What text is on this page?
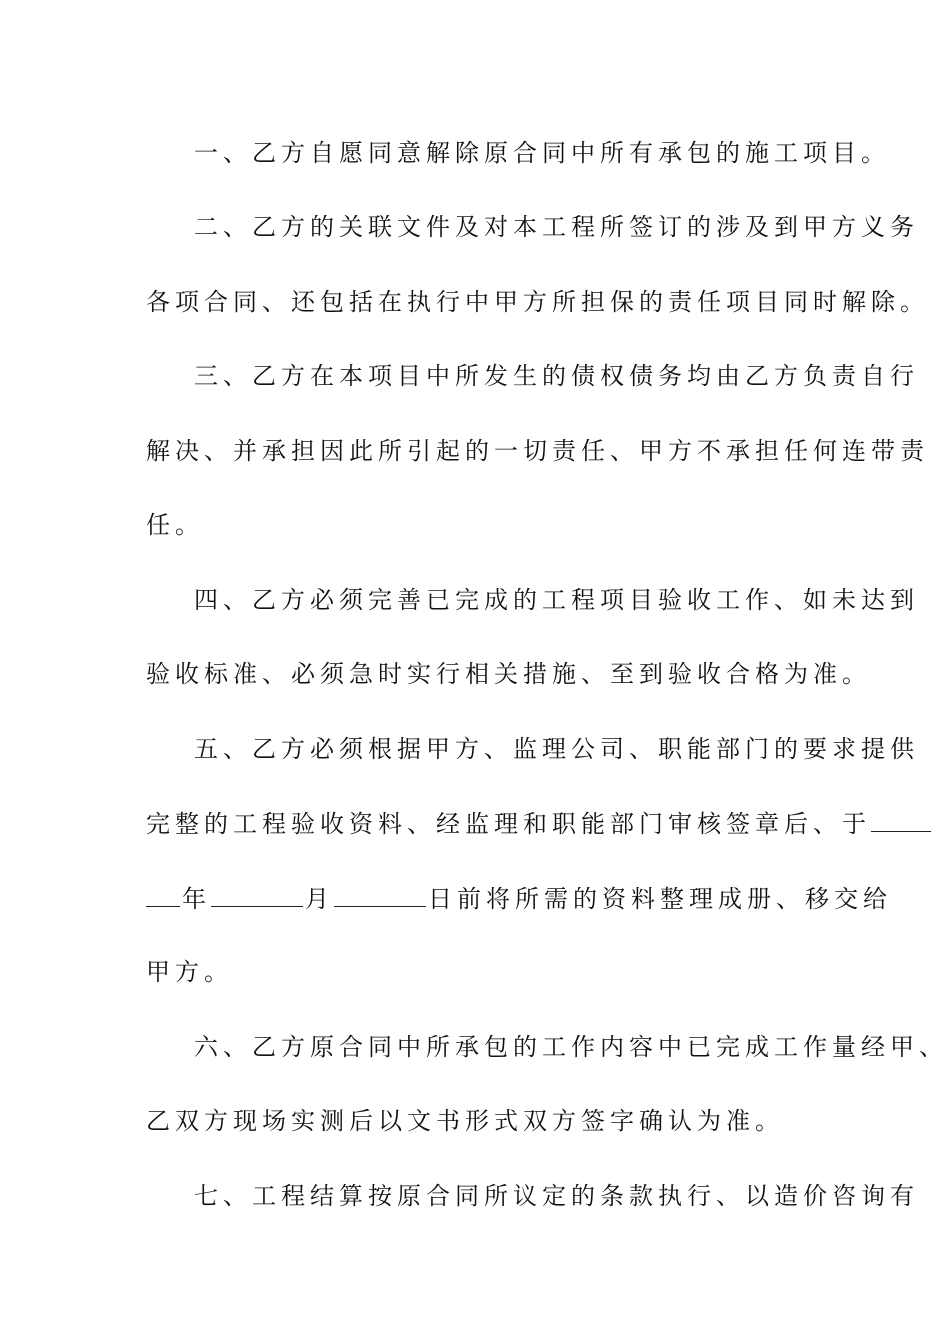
一、乙方自愿同意解除原合同中所有承包的施工项目。
二、乙方的关联文件及对本工程所签订的涉及到甲方义务
各项合同、还包括在执行中甲方所担保的责任项目同时解除。
三、乙方在本项目中所发生的债权债务均由乙方负责自行
解决、并承担因此所引起的一切责任、甲方不承担任何连带责
任。
四、乙方必须完善已完成的工程项目验收工作、如未达到
验收标准、必须急时实行相关措施、至到验收合格为准。
五、乙方必须根据甲方、监理公司、职能部门的要求提供
完整的工程验收资料、经监理和职能部门审核签章后、于
年	月	日前将所需的资料整理成册、移交给
甲方。
六、乙方原合同中所承包的工作内容中已完成工作量经甲、
乙双方现场实测后以文书形式双方签字确认为准。
七、工程结算按原合同所议定的条款执行、以造价咨询有
